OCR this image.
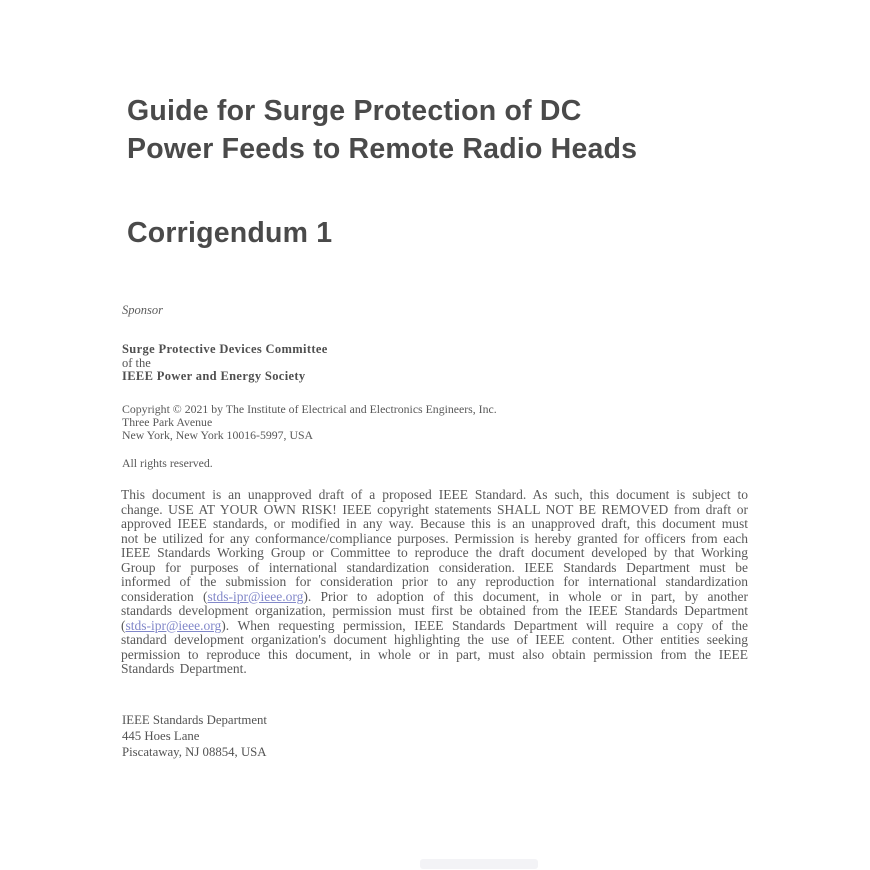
Guide for Surge Protection of DC
Power Feeds to Remote Radio Heads
Corrigendum 1
Sponsor
Surge Protective Devices Committee
of the
IEEE Power and Energy Society
Copyright © 2021 by The Institute of Electrical and Electronics Engineers, Inc.
Three Park Avenue
New York, New York 10016-5997, USA
All rights reserved.

This document is an unapproved draft of a proposed IEEE Standard. As such, this document is subject to change. USE AT YOUR OWN RISK! IEEE copyright statements SHALL NOT BE REMOVED from draft or approved IEEE standards, or modified in any way. Because this is an unapproved draft, this document must not be utilized for any conformance/compliance purposes. Permission is hereby granted for officers from each IEEE Standards Working Group or Committee to reproduce the draft document developed by that Working Group for purposes of international standardization consideration. IEEE Standards Department must be informed of the submission for consideration prior to any reproduction for international standardization consideration (stds-ipr@ieee.org). Prior to adoption of this document, in whole or in part, by another standards development organization, permission must first be obtained from the IEEE Standards Department (stds-ipr@ieee.org). When requesting permission, IEEE Standards Department will require a copy of the standard development organization's document highlighting the use of IEEE content. Other entities seeking permission to reproduce this document, in whole or in part, must also obtain permission from the IEEE Standards Department.

IEEE Standards Department
445 Hoes Lane
Piscataway, NJ 08854, USA
